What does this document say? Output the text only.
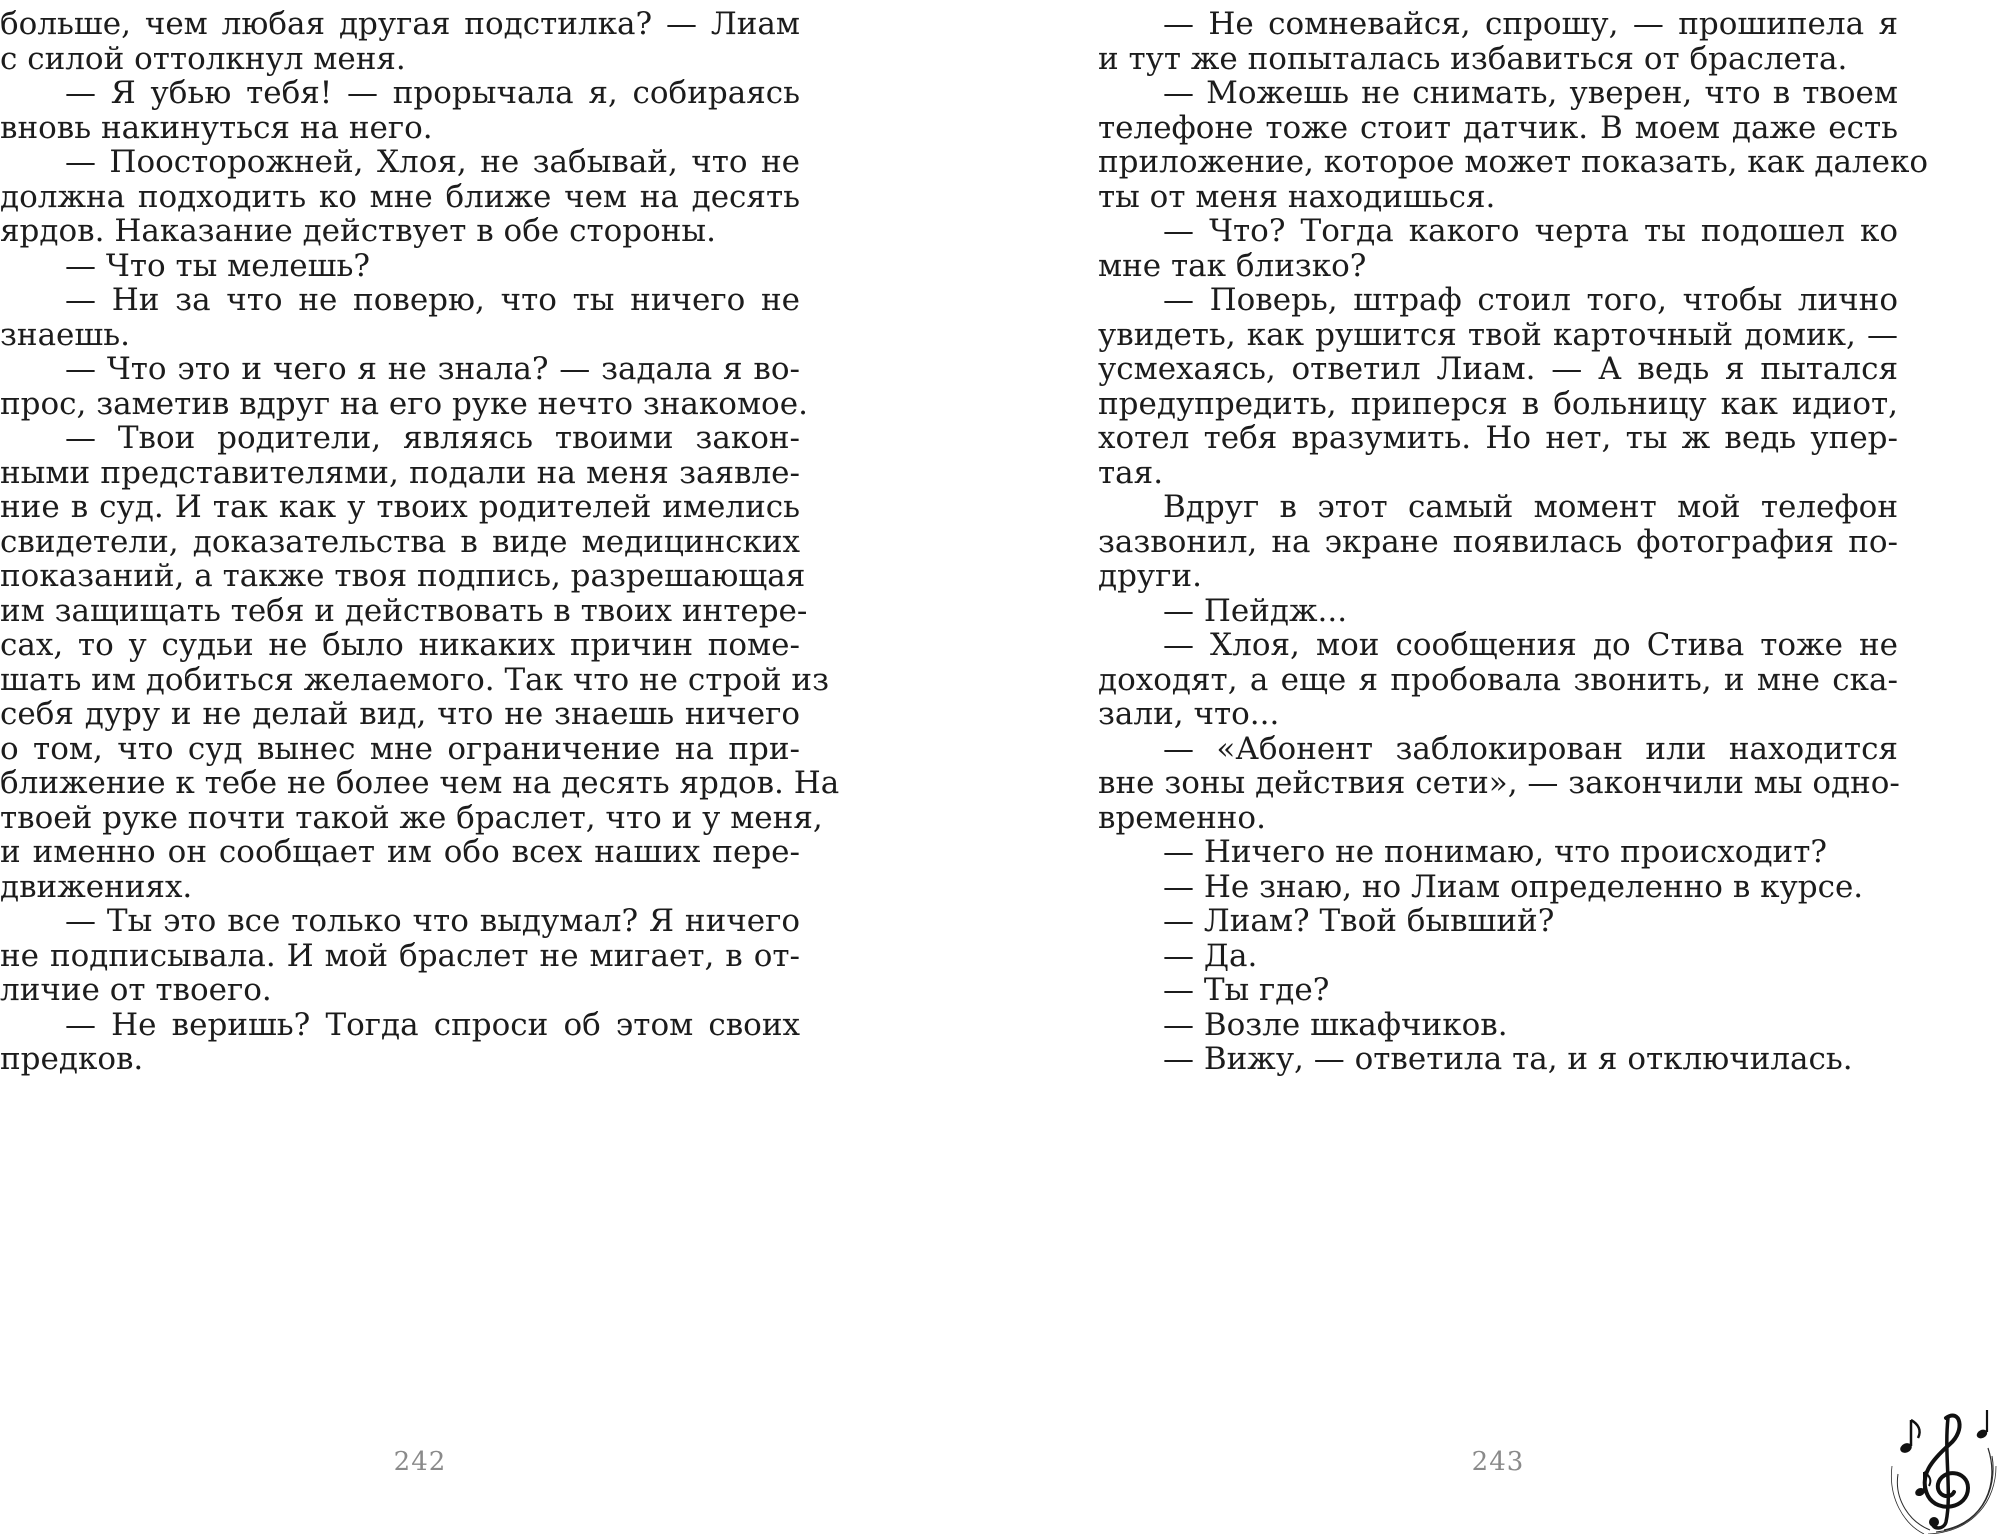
больше, чем любая другая подстилка? — Лиам
с силой оттолкнул меня.
— Я убью тебя! — прорычала я, собираясь
вновь накинуться на него.
— Поосторожней, Хлоя, не забывай, что не
должна подходить ко мне ближе чем на десять
ярдов. Наказание действует в обе стороны.
— Что ты мелешь?
— Ни за что не поверю, что ты ничего не
знаешь.
— Что это и чего я не знала? — задала я во-
прос, заметив вдруг на его руке нечто знакомое.
— Твои родители, являясь твоими закон-
ными представителями, подали на меня заявле-
ние в суд. И так как у твоих родителей имелись
свидетели, доказательства в виде медицинских
показаний, а также твоя подпись, разрешающая
им защищать тебя и действовать в твоих интере-
сах, то у судьи не было никаких причин поме-
шать им добиться желаемого. Так что не строй из
себя дуру и не делай вид, что не знаешь ничего
о том, что суд вынес мне ограничение на при-
ближение к тебе не более чем на десять ярдов. На
твоей руке почти такой же браслет, что и у меня,
и именно он сообщает им обо всех наших пере-
движениях.
— Ты это все только что выдумал? Я ничего
не подписывала. И мой браслет не мигает, в от-
личие от твоего.
— Не веришь? Тогда спроси об этом своих
предков.
242
— Не сомневайся, спрошу, — прошипела я
и тут же попыталась избавиться от браслета.
— Можешь не снимать, уверен, что в твоем
телефоне тоже стоит датчик. В моем даже есть
приложение, которое может показать, как далеко
ты от меня находишься.
— Что? Тогда какого черта ты подошел ко
мне так близко?
— Поверь, штраф стоил того, чтобы лично
увидеть, как рушится твой карточный домик, —
усмехаясь, ответил Лиам. — А ведь я пытался
предупредить, приперся в больницу как идиот,
хотел тебя вразумить. Но нет, ты ж ведь упер-
тая.
Вдруг в этот самый момент мой телефон
зазвонил, на экране появилась фотография по-
други.
— Пейдж...
— Хлоя, мои сообщения до Стива тоже не
доходят, а еще я пробовала звонить, и мне ска-
зали, что...
— «Абонент заблокирован или находится
вне зоны действия сети», — закончили мы одно-
временно.
— Ничего не понимаю, что происходит?
— Не знаю, но Лиам определенно в курсе.
— Лиам? Твой бывший?
— Да.
— Ты где?
— Возле шкафчиков.
— Вижу, — ответила та, и я отключилась.
243
